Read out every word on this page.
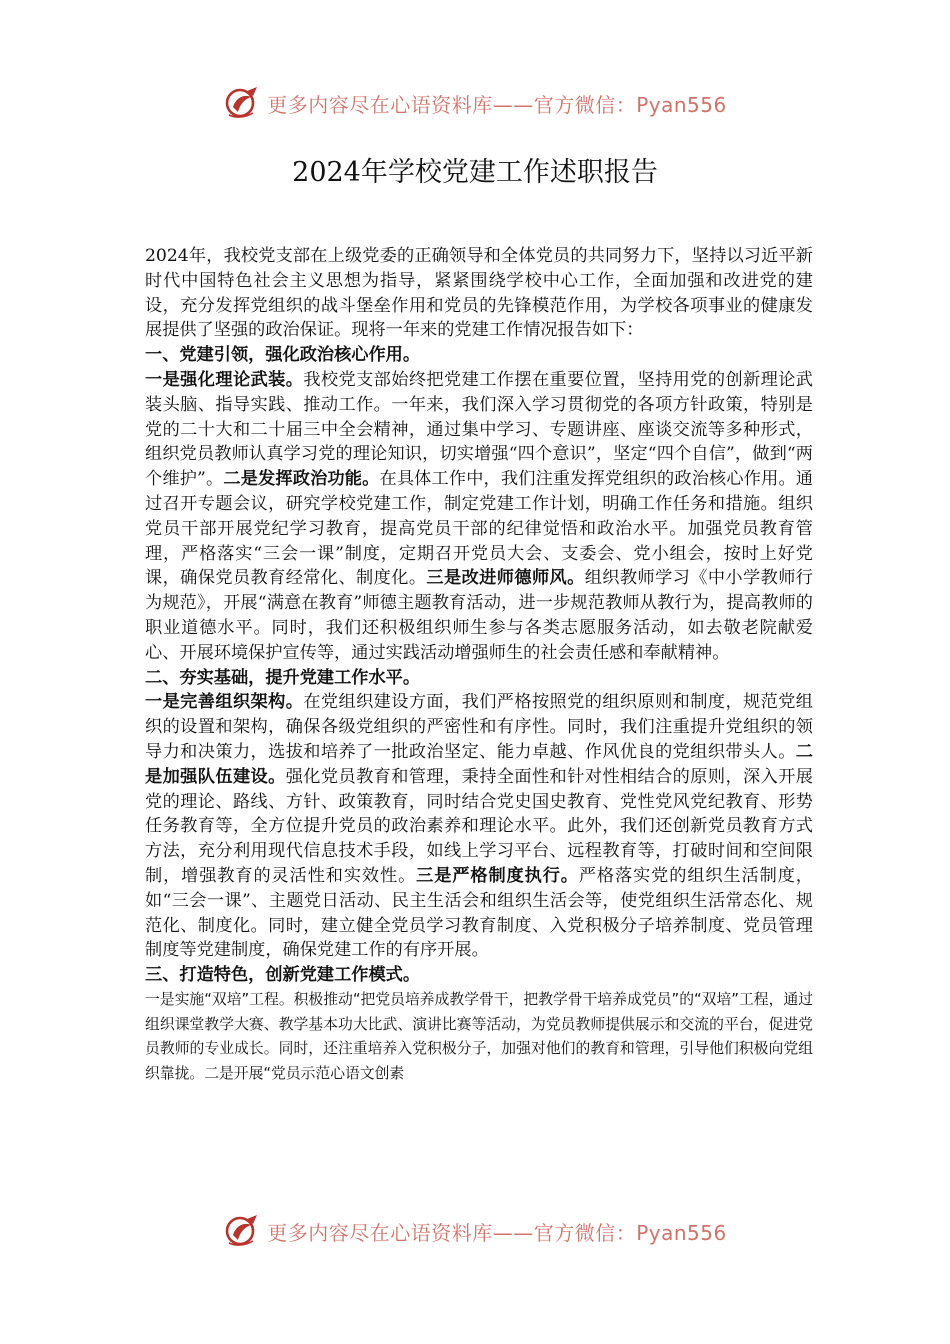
更多内容尽在心语资料库——官方微信：Pyan556
2024年学校党建工作述职报告

2024年，我校党支部在上级党委的正确领导和全体党员的共同努力下，坚持以习近平新时代中国特色社会主义思想为指导，紧紧围绕学校中心工作，全面加强和改进党的建设，充分发挥党组织的战斗堡垒作用和党员的先锋模范作用，为学校各项事业的健康发展提供了坚强的政治保证。现将一年来的党建工作情况报告如下：

一、党建引领，强化政治核心作用。

一是强化理论武装。我校党支部始终把党建工作摆在重要位置，坚持用党的创新理论武装头脑、指导实践、推动工作。一年来，我们深入学习贯彻党的各项方针政策，特别是党的二十大和二十届三中全会精神，通过集中学习、专题讲座、座谈交流等多种形式，组织党员教师认真学习党的理论知识，切实增强“四个意识”，坚定“四个自信”，做到“两个维护”。二是发挥政治功能。在具体工作中，我们注重发挥党组织的政治核心作用。通过召开专题会议，研究学校党建工作，制定党建工作计划，明确工作任务和措施。组织党员干部开展党纪学习教育，提高党员干部的纪律觉悟和政治水平。加强党员教育管理，严格落实“三会一课”制度，定期召开党员大会、支委会、党小组会，按时上好党课，确保党员教育经常化、制度化。三是改进师德师风。组织教师学习《中小学教师行为规范》，开展“满意在教育”师德主题教育活动，进一步规范教师从教行为，提高教师的职业道德水平。同时，我们还积极组织师生参与各类志愿服务活动，如去敬老院献爱心、开展环境保护宣传等，通过实践活动增强师生的社会责任感和奉献精神。

二、夯实基础，提升党建工作水平。

一是完善组织架构。在党组织建设方面，我们严格按照党的组织原则和制度，规范党组织的设置和架构，确保各级党组织的严密性和有序性。同时，我们注重提升党组织的领导力和决策力，选拔和培养了一批政治坚定、能力卓越、作风优良的党组织带头人。二是加强队伍建设。强化党员教育和管理，秉持全面性和针对性相结合的原则，深入开展党的理论、路线、方针、政策教育，同时结合党史国史教育、党性党风党纪教育、形势任务教育等，全方位提升党员的政治素养和理论水平。此外，我们还创新党员教育方式方法，充分利用现代信息技术手段，如线上学习平台、远程教育等，打破时间和空间限制，增强教育的灵活性和实效性。三是严格制度执行。严格落实党的组织生活制度，如“三会一课”、主题党日活动、民主生活会和组织生活会等，使党组织生活常态化、规范化、制度化。同时，建立健全党员学习教育制度、入党积极分子培养制度、党员管理制度等党建制度，确保党建工作的有序开展。

三、打造特色，创新党建工作模式。

一是实施“双培”工程。积极推动“把党员培养成教学骨干，把教学骨干培养成党员”的“双培”工程，通过组织课堂教学大赛、教学基本功大比武、演讲比赛等活动，为党员教师提供展示和交流的平台，促进党员教师的专业成长。同时，还注重培养入党积极分子，加强对他们的教育和管理，引导他们积极向党组织靠拢。二是开展“党员示范心语文创素

更多内容尽在心语资料库——官方微信：Pyan556
